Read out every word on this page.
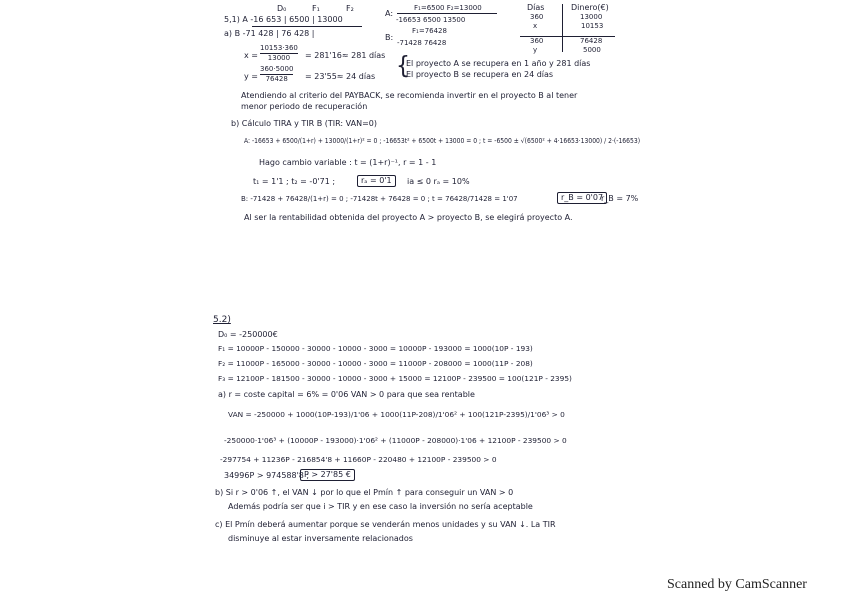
D₀	F₁	F₂
5,1) A -16 653 | 6500 | 13000
a) B -71 428 | 76 428 |
A:
F₁=6500 F₂=13000
-16653 6500 13500
B:
F₁=76428
-71428 76428
Días	Dinero(€)
360	13000
x	10153
360	76428
y	5000
x =
10153·360
13000 = 281'16≈ 281 días
y =
360·5000
76428 = 23'55≈ 24 días {
El proyecto A se recupera en 1 año y 281 días
El proyecto B se recupera en 24 días
Atendiendo al criterio del PAYBACK, se recomienda invertir en el proyecto B al tener
menor periodo de recuperación
b) Cálculo TIRA y TIR B (TIR: VAN=0)
A: -16653 + 6500/(1+r) + 13000/(1+r)² = 0 ; -16653t² + 6500t + 13000 = 0 ; t = -6500 ± √(6500² + 4·16653·13000) / 2·(-16653)
Hago cambio variable : t = (1+r)⁻¹, r = 1 - 1
t₁ = 1'1 ; t₂ = -0'71 ;	rₐ = 0'1	ia ≤ 0 rₐ = 10%
B: -71428 + 76428/(1+r) = 0 ; -71428t + 76428 = 0 ; t = 76428/71428 = 1'07	r_B = 0'07
r_B = 7%
Al ser la rentabilidad obtenida del proyecto A > proyecto B, se elegirá proyecto A.
5.2)
D₀ = -250000€
F₁ = 10000P - 150000 - 30000 - 10000 - 3000 = 10000P - 193000 = 1000(10P - 193)
F₂ = 11000P - 165000 - 30000 - 10000 - 3000 = 11000P - 208000 = 1000(11P - 208)
F₃ = 12100P - 181500 - 30000 - 10000 - 3000 + 15000 = 12100P - 239500 = 100(121P - 2395)
a) r = coste capital = 6% = 0'06 VAN > 0 para que sea rentable
VAN = -250000 + 1000(10P-193)/1'06 + 1000(11P-208)/1'06² + 100(121P-2395)/1'06³ > 0
-250000·1'06³ + (10000P - 193000)·1'06² + (11000P - 208000)·1'06 + 12100P - 239500 > 0
-297754 + 11236P - 216854'8 + 11660P - 220480 + 12100P - 239500 > 0
34996P > 974588'8 ;
P > 27'85 €
b) Si r > 0'06 ↑, el VAN ↓ por lo que el Pmín ↑ para conseguir un VAN > 0
Además podría ser que i > TIR y en ese caso la inversión no sería aceptable
c) El Pmín deberá aumentar porque se venderán menos unidades y su VAN ↓. La TIR
disminuye al estar inversamente relacionados
Scanned by CamScanner
